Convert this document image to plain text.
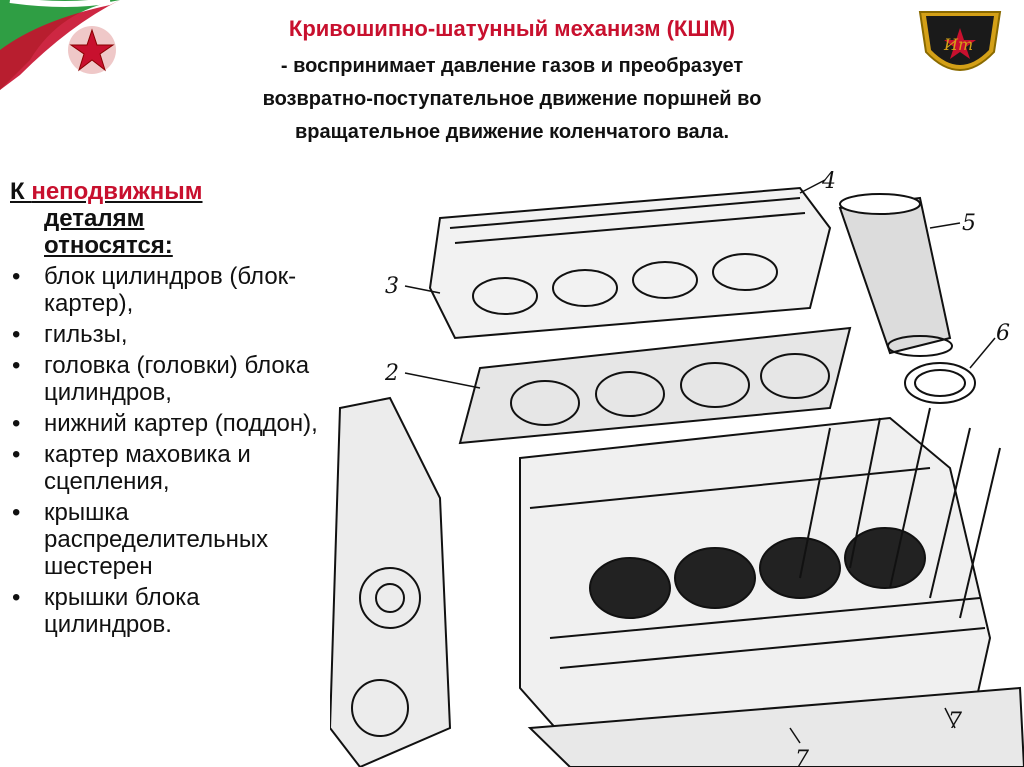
Ит
Кривошипно-шатунный механизм (КШМ)
- воспринимает давление газов и преобразует
возвратно-поступательное движение поршней во
вращательное движение коленчатого вала.
К неподвижным
деталям
относятся:
• блок цилиндров (блок-картер),
• гильзы,
• головка (головки) блока цилиндров,
• нижний картер (поддон),
• картер маховика и сцепления,
• крышка распределительных шестерен
• крышки блока цилиндров.
4
5
3
2
6
7
7
